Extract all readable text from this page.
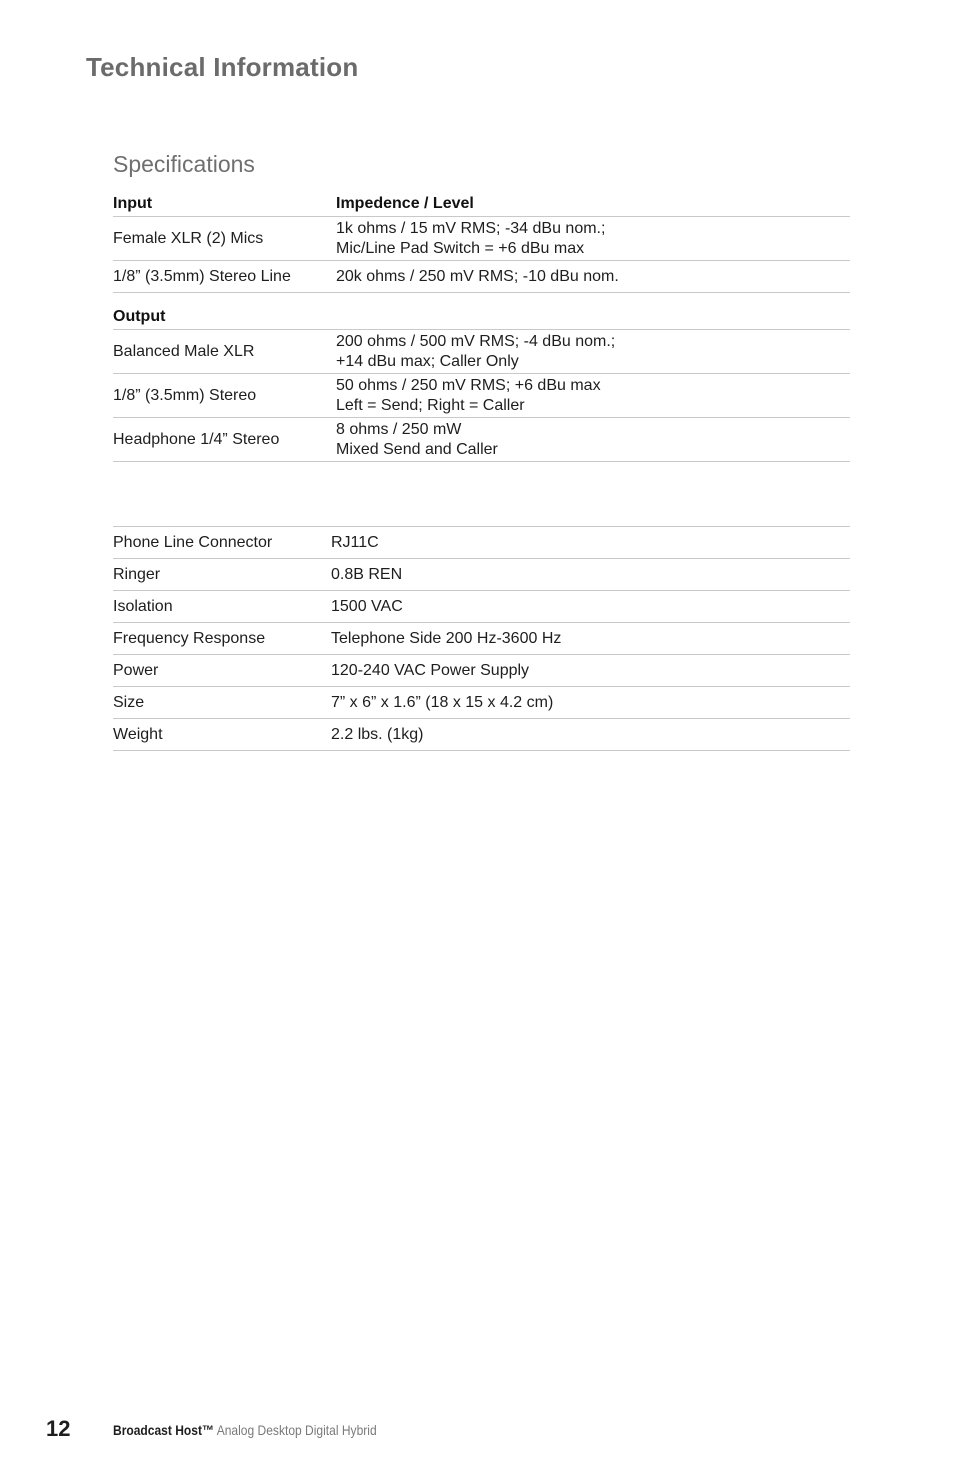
Technical Information
Specifications
Input	Impedence / Level
Female XLR (2) Mics	1k ohms / 15 mV RMS; -34 dBu nom.;
Mic/Line Pad Switch = +6 dBu max

1/8” (3.5mm) Stereo Line	20k ohms / 250 mV RMS; -10 dBu nom.

Output	
Balanced Male XLR	200 ohms / 500 mV RMS; -4 dBu nom.;
+14 dBu max; Caller Only

1/8” (3.5mm) Stereo	50 ohms / 250 mV RMS; +6 dBu max
Left = Send; Right = Caller

Headphone 1/4” Stereo	8 ohms / 250 mW
Mixed Send and Caller
Phone Line Connector	RJ11C
Ringer	0.8B REN
Isolation	1500 VAC
Frequency Response	Telephone Side 200 Hz-3600 Hz
Power	120-240 VAC Power Supply
Size	7” x 6” x 1.6” (18 x 15 x 4.2 cm)
Weight	2.2 lbs. (1kg)
12	Broadcast Host™ Analog Desktop Digital Hybrid
